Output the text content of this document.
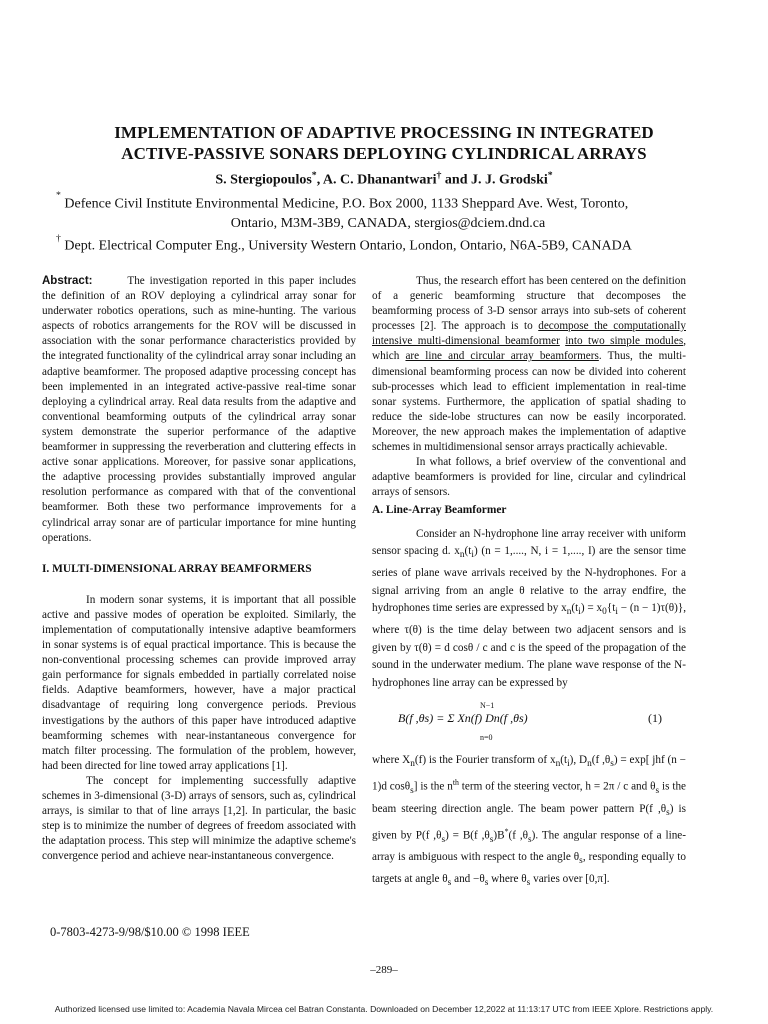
IMPLEMENTATION OF ADAPTIVE PROCESSING IN INTEGRATED
ACTIVE-PASSIVE SONARS DEPLOYING CYLINDRICAL ARRAYS
S. Stergiopoulos*, A. C. Dhanantwari† and J. J. Grodski*
* Defence Civil Institute Environmental Medicine, P.O. Box 2000, 1133 Sheppard Ave. West, Toronto,
Ontario, M3M-3B9, CANADA, stergios@dciem.dnd.ca
† Dept. Electrical Computer Eng., University Western Ontario, London, Ontario, N6A-5B9, CANADA

Abstract:	The investigation reported in this paper includes the definition of an ROV deploying a cylindrical array sonar for underwater robotics operations, such as mine-hunting. The various aspects of robotics arrangements for the ROV will be discussed in association with the sonar performance characteristics provided by the integrated functionality of the cylindrical array sonar including an adaptive beamformer. The proposed adaptive processing concept has been implemented in an integrated active-passive real-time sonar deploying a cylindrical array. Real data results from the adaptive and conventional beamforming outputs of the cylindrical array sonar system demonstrate the superior performance of the adaptive beamformer in suppressing the reverberation and cluttering effects in active sonar applications. Moreover, for passive sonar applications, the adaptive processing provides substantially improved angular resolution performance as compared with that of the conventional beamformer. Both these two performance improvements for a cylindrical array sonar are of particular importance for mine hunting operations.

I. MULTI-DIMENSIONAL ARRAY BEAMFORMERS

In modern sonar systems, it is important that all possible active and passive modes of operation be exploited. Similarly, the implementation of computationally intensive adaptive beamformers in sonar systems is of equal practical importance. This is because the non-conventional processing schemes can provide improved array gain performance for signals embedded in partially correlated noise fields. Adaptive beamformers, however, have a major practical disadvantage of requiring long convergence periods. Previous investigations by the authors of this paper have introduced adaptive beamforming schemes with near-instantaneous convergence for match filter processing. The formulation of the problem, however, had been directed for line towed array applications [1].

The concept for implementing successfully adaptive schemes in 3-dimensional (3-D) arrays of sensors, such as, cylindrical arrays, is similar to that of line arrays [1,2]. In particular, the basic step is to minimize the number of degrees of freedom associated with the adaptation process. This step will minimize the adaptive scheme's convergence period and achieve near-instantaneous convergence.

Thus, the research effort has been centered on the definition of a generic beamforming structure that decomposes the beamforming process of 3-D sensor arrays into sub-sets of coherent processes [2]. The approach is to decompose the computationally intensive multi-dimensional beamformer into two simple modules, which are line and circular array beamformers. Thus, the multi-dimensional beamforming process can now be divided into coherent sub-processes which lead to efficient implementation in real-time sonar systems. Furthermore, the application of spatial shading to reduce the side-lobe structures can now be easily incorporated. Moreover, the new approach makes the implementation of adaptive schemes in multidimensional sensor arrays practically achievable.

In what follows, a brief overview of the conventional and adaptive beamformers is provided for line, circular and cylindrical arrays of sensors.

A. Line-Array Beamformer

Consider an N-hydrophone line array receiver with uniform sensor spacing d. $x_n(t_i) (n = 1$,...., N, i = 1,...., I) are the sensor time series of plane wave arrivals received by the N-hydrophones. For a signal arriving from an angle θ relative to the array endfire, the hydrophones time series are expressed by $x_n(t_i) = x_0\{t_i - (n - 1)\tau(\theta)\}$, where τ(θ) is the time delay between two adjacent sensors and is given by τ(θ) = d cosθ / c and c is the speed of the propagation of the sound in the underwater medium. The plane wave response of the N-hydrophones line array can be expressed by

N−1
B(f ,θs) = Σ Xn(f) Dn(f ,θs)
n=0
(1)

where $X_n(f)$ is the Fourier transform of $x_n(t_i)$, $D_n(f$ $,\theta_s) = \exp$[ jhf (n − 1)d cosθ$_s$] is the $n^{th}$ term of the steering vector, h = 2π / c and $\theta_s$ is the beam steering direction angle. The beam power pattern P(f $,\theta_s$) is given by P(f $,\theta_s) = B(f$ $,\theta_s)B^*(f$ $,\theta_s$). The angular response of a line-array is ambiguous with respect to the angle $\theta_s$, responding equally to targets at angle $\theta_s$ and $-\theta_s$ where $\theta_s$ varies over [0,π].

0-7803-4273-9/98/$10.00 © 1998 IEEE
–289–
Authorized licensed use limited to: Academia Navala Mircea cel Batran Constanta. Downloaded on December 12,2022 at 11:13:17 UTC from IEEE Xplore. Restrictions apply.
